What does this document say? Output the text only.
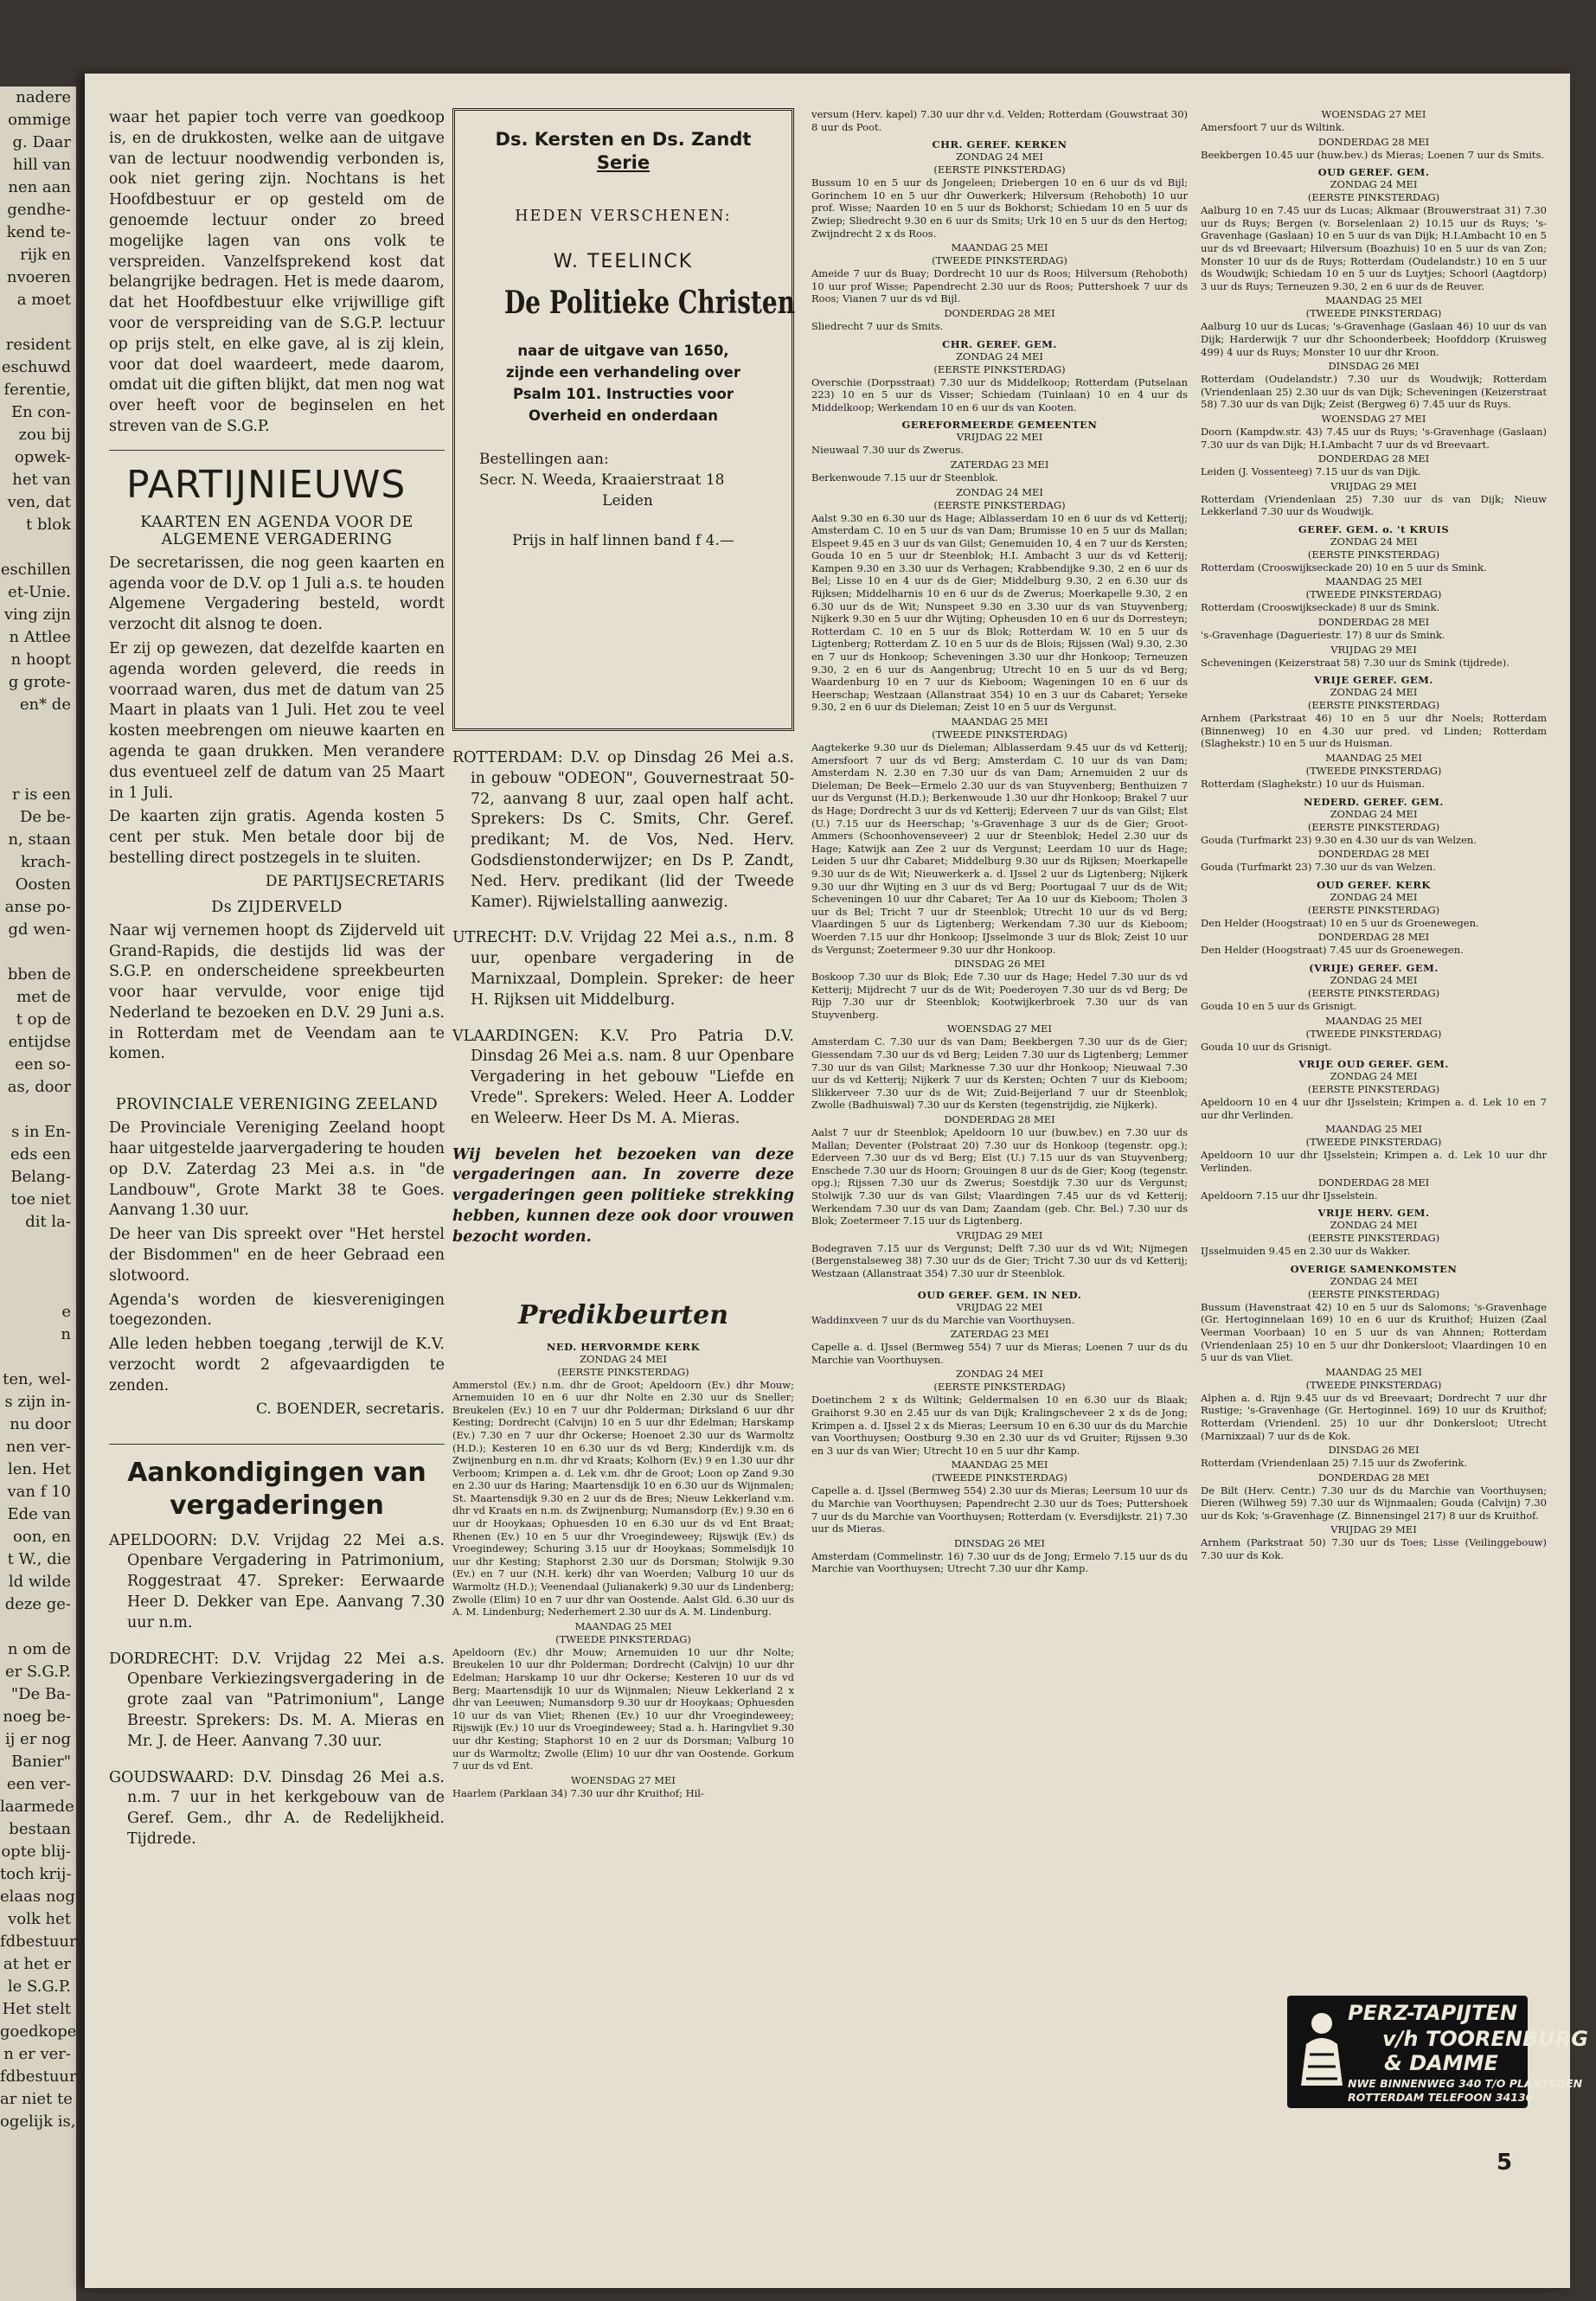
nadere
ommige
g. Daar
hill van
nen aan
gendhe-
kend te-
rijk en
nvoeren
a moet
resident
eschuwd
ferentie,
En con-
zou bij
opwek-
het van
ven, dat
t blok
eschillen
et-Unie.
ving zijn
n Attlee
n hoopt
g grote-
en* de
r is een
De be-
n, staan
krach-
Oosten
anse po-
gd wen-
bben de
met de
t op de
entijdse
een so-
as, door
s in En-
eds een
Belang-
toe niet
dit la-
e
n
ten, wel-
s zijn in-
nu door
nen ver-
len. Het
van f 10
Ede van
oon, en
t W., die
ld wilde
deze ge-
n om de
er S.G.P.
"De Ba-
noeg be-
ij er nog
Banier"
een ver-
laarmede
bestaan
opte blij-
toch krij-
elaas nog
volk het
fdbestuur
at het er
le S.G.P.
Het stelt
goedkope
n er ver-
fdbestuur
ar niet te
ogelijk is,

waar het papier toch verre van goedkoop is, en de drukkosten, welke aan de uitgave van de lectuur noodwendig verbonden is, ook niet gering zijn. Nochtans is het Hoofdbestuur er op gesteld om de genoemde lectuur onder zo breed mogelijke lagen van ons volk te verspreiden. Vanzelfsprekend kost dat belangrijke bedragen. Het is mede daarom, dat het Hoofdbestuur elke vrijwillige gift voor de verspreiding van de S.G.P. lectuur op prijs stelt, en elke gave, al is zij klein, voor dat doel waardeert, mede daarom, omdat uit die giften blijkt, dat men nog wat over heeft voor de beginselen en het streven van de S.G.P.

PARTIJNIEUWS
KAARTEN EN AGENDA VOOR DE ALGEMENE VERGADERING

De secretarissen, die nog geen kaarten en agenda voor de D.V. op 1 Juli a.s. te houden Algemene Vergadering besteld, wordt verzocht dit alsnog te doen.

Er zij op gewezen, dat dezelfde kaarten en agenda worden geleverd, die reeds in voorraad waren, dus met de datum van 25 Maart in plaats van 1 Juli. Het zou te veel kosten meebrengen om nieuwe kaarten en agenda te gaan drukken. Men verandere dus eventueel zelf de datum van 25 Maart in 1 Juli.

De kaarten zijn gratis. Agenda kosten 5 cent per stuk. Men betale door bij de bestelling direct postzegels in te sluiten.

DE PARTIJSECRETARIS
Ds ZIJDERVELD

Naar wij vernemen hoopt ds Zijderveld uit Grand-Rapids, die destijds lid was der S.G.P. en onderscheidene spreekbeurten voor haar vervulde, voor enige tijd Nederland te bezoeken en D.V. 29 Juni a.s. in Rotterdam met de Veendam aan te komen.

PROVINCIALE VERENIGING ZEELAND

De Provinciale Vereniging Zeeland hoopt haar uitgestelde jaarvergadering te houden op D.V. Zaterdag 23 Mei a.s. in "de Landbouw", Grote Markt 38 te Goes. Aanvang 1.30 uur.

De heer van Dis spreekt over "Het herstel der Bisdommen" en de heer Gebraad een slotwoord.

Agenda's worden de kiesverenigingen toegezonden.

Alle leden hebben toegang ,terwijl de K.V. verzocht wordt 2 afgevaardigden te zenden.

C. BOENDER, secretaris.
Aankondigingen van vergaderingen

APELDOORN: D.V. Vrijdag 22 Mei a.s. Openbare Vergadering in Patrimonium, Roggestraat 47. Spreker: Eerwaarde Heer D. Dekker van Epe. Aanvang 7.30 uur n.m.

DORDRECHT: D.V. Vrijdag 22 Mei a.s. Openbare Verkiezingsvergadering in de grote zaal van "Patrimonium", Lange Breestr. Sprekers: Ds. M. A. Mieras en Mr. J. de Heer. Aanvang 7.30 uur.

GOUDSWAARD: D.V. Dinsdag 26 Mei a.s. n.m. 7 uur in het kerkgebouw van de Geref. Gem., dhr A. de Redelijkheid. Tijdrede.

Ds. Kersten en Ds. Zandt
Serie
HEDEN VERSCHENEN:
W. TEELINCK
De Politieke Christen
naar de uitgave van 1650, zijnde een verhandeling over Psalm 101. Instructies voor Overheid en onderdaan
Bestellingen aan:
Secr. N. Weeda, Kraaierstraat 18
Leiden
Prijs in half linnen band f 4.—

ROTTERDAM: D.V. op Dinsdag 26 Mei a.s. in gebouw "ODEON", Gouvernestraat 50-72, aanvang 8 uur, zaal open half acht. Sprekers: Ds C. Smits, Chr. Geref. predikant; M. de Vos, Ned. Herv. Godsdienstonderwijzer; en Ds P. Zandt, Ned. Herv. predikant (lid der Tweede Kamer). Rijwielstalling aanwezig.

UTRECHT: D.V. Vrijdag 22 Mei a.s., n.m. 8 uur, openbare vergadering in de Marnixzaal, Domplein. Spreker: de heer H. Rijksen uit Middelburg.

VLAARDINGEN: K.V. Pro Patria D.V. Dinsdag 26 Mei a.s. nam. 8 uur Openbare Vergadering in het gebouw "Liefde en Vrede". Sprekers: Weled. Heer A. Lodder en Weleerw. Heer Ds M. A. Mieras.

Wij bevelen het bezoeken van deze vergaderingen aan. In zoverre deze vergaderingen geen politieke strekking hebben, kunnen deze ook door vrouwen bezocht worden.

Predikbeurten
NED. HERVORMDE KERK
ZONDAG 24 MEI
(EERSTE PINKSTERDAG)

Ammerstol (Ev.) n.m. dhr de Groot; Apeldoorn (Ev.) dhr Mouw; Arnemuiden 10 en 6 uur dhr Nolte en 2.30 uur ds Sneller; Breukelen (Ev.) 10 en 7 uur dhr Polderman; Dirksland 6 uur dhr Kesting; Dordrecht (Calvijn) 10 en 5 uur dhr Edelman; Harskamp (Ev.) 7.30 en 7 uur dhr Ockerse; Hoenoet 2.30 uur ds Warmoltz (H.D.); Kesteren 10 en 6.30 uur ds vd Berg; Kinderdijk v.m. ds Zwijnenburg en n.m. dhr vd Kraats; Kolhorn (Ev.) 9 en 1.30 uur dhr Verboom; Krimpen a. d. Lek v.m. dhr de Groot; Loon op Zand 9.30 en 2.30 uur ds Haring; Maartensdijk 10 en 6.30 uur ds Wijnmalen; St. Maartensdijk 9.30 en 2 uur ds de Bres; Nieuw Lekkerland v.m. dhr vd Kraats en n.m. ds Zwijnenburg; Numansdorp (Ev.) 9.30 en 6 uur dr Hooykaas; Ophuesden 10 en 6.30 uur ds vd Ent Braat; Rhenen (Ev.) 10 en 5 uur dhr Vroegindeweey; Rijswijk (Ev.) ds Vroegindewey; Schuring 3.15 uur dr Hooykaas; Sommelsdijk 10 uur dhr Kesting; Staphorst 2.30 uur ds Dorsman; Stolwijk 9.30 (Ev.) en 7 uur (N.H. kerk) dhr van Woerden; Valburg 10 uur ds Warmoltz (H.D.); Veenendaal (Julianakerk) 9.30 uur ds Lindenberg; Zwolle (Elim) 10 en 7 uur dhr van Oostende. Aalst Gld. 6.30 uur ds A. M. Lindenburg; Nederhemert 2.30 uur ds A. M. Lindenburg.

MAANDAG 25 MEI
(TWEEDE PINKSTERDAG)

Apeldoorn (Ev.) dhr Mouw; Arnemuiden 10 uur dhr Nolte; Breukelen 10 uur dhr Polderman; Dordrecht (Calvijn) 10 uur dhr Edelman; Harskamp 10 uur dhr Ockerse; Kesteren 10 uur ds vd Berg; Maartensdijk 10 uur ds Wijnmalen; Nieuw Lekkerland 2 x dhr van Leeuwen; Numansdorp 9.30 uur dr Hooykaas; Ophuesden 10 uur ds van Vliet; Rhenen (Ev.) 10 uur dhr Vroegindeweey; Rijswijk (Ev.) 10 uur ds Vroegindeweey; Stad a. h. Haringvliet 9.30 uur dhr Kesting; Staphorst 10 en 2 uur ds Dorsman; Valburg 10 uur ds Warmoltz; Zwolle (Elim) 10 uur dhr van Oostende. Gorkum 7 uur ds vd Ent.

WOENSDAG 27 MEI

Haarlem (Parklaan 34) 7.30 uur dhr Kruithof; Hil-

versum (Herv. kapel) 7.30 uur dhr v.d. Velden; Rotterdam (Gouwstraat 30) 8 uur ds Poot.

CHR. GEREF. KERKEN
ZONDAG 24 MEI
(EERSTE PINKSTERDAG)

Bussum 10 en 5 uur ds Jongeleen; Driebergen 10 en 6 uur ds vd Bijl; Gorinchem 10 en 5 uur dhr Ouwerkerk; Hilversum (Rehoboth) 10 uur prof. Wisse; Naarden 10 en 5 uur ds Bokhorst; Schiedam 10 en 5 uur ds Zwiep; Sliedrecht 9.30 en 6 uur ds Smits; Urk 10 en 5 uur ds den Hertog; Zwijndrecht 2 x ds Roos.

MAANDAG 25 MEI
(TWEEDE PINKSTERDAG)

Ameide 7 uur ds Buay; Dordrecht 10 uur ds Roos; Hilversum (Rehoboth) 10 uur prof Wisse; Papendrecht 2.30 uur ds Roos; Puttershoek 7 uur ds Roos; Vianen 7 uur ds vd Bijl.

DONDERDAG 28 MEI

Sliedrecht 7 uur ds Smits.

CHR. GEREF. GEM.
ZONDAG 24 MEI
(EERSTE PINKSTERDAG)

Overschie (Dorpsstraat) 7.30 uur ds Middelkoop; Rotterdam (Putselaan 223) 10 en 5 uur ds Visser; Schiedam (Tuinlaan) 10 en 4 uur ds Middelkoop; Werkendam 10 en 6 uur ds van Kooten.

GEREFORMEERDE GEMEENTEN
VRIJDAG 22 MEI

Nieuwaal 7.30 uur ds Zwerus.

ZATERDAG 23 MEI

Berkenwoude 7.15 uur dr Steenblok.

ZONDAG 24 MEI
(EERSTE PINKSTERDAG)

Aalst 9.30 en 6.30 uur ds Hage; Alblasserdam 10 en 6 uur ds vd Ketterij; Amsterdam C. 10 en 5 uur ds van Dam; Brumisse 10 en 5 uur ds Mallan; Elspeet 9.45 en 3 uur ds van Gilst; Genemuiden 10, 4 en 7 uur ds Kersten; Gouda 10 en 5 uur dr Steenblok; H.I. Ambacht 3 uur ds vd Ketterij; Kampen 9.30 en 3.30 uur ds Verhagen; Krabbendijke 9.30, 2 en 6 uur ds Bel; Lisse 10 en 4 uur ds de Gier; Middelburg 9.30, 2 en 6.30 uur ds Rijksen; Middelharnis 10 en 6 uur ds de Zwerus; Moerkapelle 9.30, 2 en 6.30 uur ds de Wit; Nunspeet 9.30 en 3.30 uur ds van Stuyvenberg; Nijkerk 9.30 en 5 uur dhr Wijting; Opheusden 10 en 6 uur ds Dorresteyn; Rotterdam C. 10 en 5 uur ds Blok; Rotterdam W. 10 en 5 uur ds Ligtenberg; Rotterdam Z. 10 en 5 uur ds de Blois; Rijssen (Wal) 9.30, 2.30 en 7 uur ds Honkoop; Scheveningen 3.30 uur dhr Honkoop; Terneuzen 9.30, 2 en 6 uur ds Aangenbrug; Utrecht 10 en 5 uur ds vd Berg; Waardenburg 10 en 7 uur ds Kieboom; Wageningen 10 en 6 uur ds Heerschap; Westzaan (Allanstraat 354) 10 en 3 uur ds Cabaret; Yerseke 9.30, 2 en 6 uur ds Dieleman; Zeist 10 en 5 uur ds Vergunst.

MAANDAG 25 MEI
(TWEEDE PINKSTERDAG)

Aagtekerke 9.30 uur ds Dieleman; Alblasserdam 9.45 uur ds vd Ketterij; Amersfoort 7 uur ds vd Berg; Amsterdam C. 10 uur ds van Dam; Amsterdam N. 2.30 en 7.30 uur ds van Dam; Arnemuiden 2 uur ds Dieleman; De Beek—Ermelo 2.30 uur ds van Stuyvenberg; Benthuizen 7 uur ds Vergunst (H.D.); Berkenwoude 1.30 uur dhr Honkoop; Brakel 7 uur ds Hage; Dordrecht 3 uur ds vd Ketterij; Ederveen 7 uur ds van Gilst; Elst (U.) 7.15 uur ds Heerschap; 's-Gravenhage 3 uur ds de Gier; Groot-Ammers (Schoonhovenseveer) 2 uur dr Steenblok; Hedel 2.30 uur ds Hage; Katwijk aan Zee 2 uur ds Vergunst; Leerdam 10 uur ds Hage; Leiden 5 uur dhr Cabaret; Middelburg 9.30 uur ds Rijksen; Moerkapelle 9.30 uur ds de Wit; Nieuwerkerk a. d. IJssel 2 uur ds Ligtenberg; Nijkerk 9.30 uur dhr Wijting en 3 uur ds vd Berg; Poortugaal 7 uur ds de Wit; Scheveningen 10 uur dhr Cabaret; Ter Aa 10 uur ds Kieboom; Tholen 3 uur ds Bel; Tricht 7 uur dr Steenblok; Utrecht 10 uur ds vd Berg; Vlaardingen 5 uur ds Ligtenberg; Werkendam 7.30 uur ds Kieboom; Woerden 7.15 uur dhr Honkoop; IJsselmonde 3 uur ds Blok; Zeist 10 uur ds Vergunst; Zoetermeer 9.30 uur dhr Honkoop.

DINSDAG 26 MEI

Boskoop 7.30 uur ds Blok; Ede 7.30 uur ds Hage; Hedel 7.30 uur ds vd Ketterij; Mijdrecht 7 uur ds de Wit; Poederoyen 7.30 uur ds vd Berg; De Rijp 7.30 uur dr Steenblok; Kootwijkerbroek 7.30 uur ds van Stuyvenberg.

WOENSDAG 27 MEI

Amsterdam C. 7.30 uur ds van Dam; Beekbergen 7.30 uur ds de Gier; Giessendam 7.30 uur ds vd Berg; Leiden 7.30 uur ds Ligtenberg; Lemmer 7.30 uur ds van Gilst; Marknesse 7.30 uur dhr Honkoop; Nieuwaal 7.30 uur ds vd Ketterij; Nijkerk 7 uur ds Kersten; Ochten 7 uur ds Kieboom; Slikkerveer 7.30 uur ds de Wit; Zuid-Beijerland 7 uur dr Steenblok; Zwolle (Badhuiswal) 7.30 uur ds Kersten (tegenstrijdig, zie Nijkerk).

DONDERDAG 28 MEI

Aalst 7 uur dr Steenblok; Apeldoorn 10 uur (buw.bev.) en 7.30 uur ds Mallan; Deventer (Polstraat 20) 7.30 uur ds Honkoop (tegenstr. opg.); Ederveen 7.30 uur ds vd Berg; Elst (U.) 7.15 uur ds van Stuyvenberg; Enschede 7.30 uur ds Hoorn; Grouingen 8 uur ds de Gier; Koog (tegenstr. opg.); Rijssen 7.30 uur ds Zwerus; Soestdijk 7.30 uur ds Vergunst; Stolwijk 7.30 uur ds van Gilst; Vlaardingen 7.45 uur ds vd Ketterij; Werkendam 7.30 uur ds van Dam; Zaandam (geb. Chr. Bel.) 7.30 uur ds Blok; Zoetermeer 7.15 uur ds Ligtenberg.

VRIJDAG 29 MEI

Bodegraven 7.15 uur ds Vergunst; Delft 7.30 uur ds vd Wit; Nijmegen (Bergenstalseweg 38) 7.30 uur ds de Gier; Tricht 7.30 uur ds vd Ketterij; Westzaan (Allanstraat 354) 7.30 uur dr Steenblok.

OUD GEREF. GEM. IN NED.
VRIJDAG 22 MEI

Waddinxveen 7 uur ds du Marchie van Voorthuysen.

ZATERDAG 23 MEI

Capelle a. d. IJssel (Bermweg 554) 7 uur ds Mieras; Loenen 7 uur ds du Marchie van Voorthuysen.

ZONDAG 24 MEI
(EERSTE PINKSTERDAG)

Doetinchem 2 x ds Wiltink; Geldermalsen 10 en 6.30 uur ds Blaak; Graihorst 9.30 en 2.45 uur ds van Dijk; Kralingscheveer 2 x ds de Jong; Krimpen a. d. IJssel 2 x ds Mieras; Leersum 10 en 6.30 uur ds du Marchie van Voorthuysen; Oostburg 9.30 en 2.30 uur ds vd Gruiter; Rijssen 9.30 en 3 uur ds van Wier; Utrecht 10 en 5 uur dhr Kamp.

MAANDAG 25 MEI
(TWEEDE PINKSTERDAG)

Capelle a. d. IJssel (Bermweg 554) 2.30 uur ds Mieras; Leersum 10 uur ds du Marchie van Voorthuysen; Papendrecht 2.30 uur ds Toes; Puttershoek 7 uur ds du Marchie van Voorthuysen; Rotterdam (v. Eversdijkstr. 21) 7.30 uur ds Mieras.

DINSDAG 26 MEI

Amsterdam (Commelinstr. 16) 7.30 uur ds de Jong; Ermelo 7.15 uur ds du Marchie van Voorthuysen; Utrecht 7.30 uur dhr Kamp.

WOENSDAG 27 MEI

Amersfoort 7 uur ds Wiltink.

DONDERDAG 28 MEI

Beekbergen 10.45 uur (huw.bev.) ds Mieras; Loenen 7 uur ds Smits.

OUD GEREF. GEM.
ZONDAG 24 MEI
(EERSTE PINKSTERDAG)

Aalburg 10 en 7.45 uur ds Lucas; Alkmaar (Brouwerstraat 31) 7.30 uur ds Ruys; Bergen (v. Borselenlaan 2) 10.15 uur ds Ruys; 's-Gravenhage (Gaslaan) 10 en 5 uur ds van Dijk; H.I.Ambacht 10 en 5 uur ds vd Breevaart; Hilversum (Boazhuis) 10 en 5 uur ds van Zon; Monster 10 uur ds de Ruys; Rotterdam (Oudelandstr.) 10 en 5 uur ds Woudwijk; Schiedam 10 en 5 uur ds Luytjes; Schoorl (Aagtdorp) 3 uur ds Ruys; Terneuzen 9.30, 2 en 6 uur ds de Reuver.

MAANDAG 25 MEI
(TWEEDE PINKSTERDAG)

Aalburg 10 uur ds Lucas; 's-Gravenhage (Gaslaan 46) 10 uur ds van Dijk; Harderwijk 7 uur dhr Schoonderbeek; Hoofddorp (Kruisweg 499) 4 uur ds Ruys; Monster 10 uur dhr Kroon.

DINSDAG 26 MEI

Rotterdam (Oudelandstr.) 7.30 uur ds Woudwijk; Rotterdam (Vriendenlaan 25) 2.30 uur ds van Dijk; Scheveningen (Keizerstraat 58) 7.30 uur ds van Dijk; Zeist (Bergweg 6) 7.45 uur ds Ruys.

WOENSDAG 27 MEI

Doorn (Kampdw.str. 43) 7.45 uur ds Ruys; 's-Gravenhage (Gaslaan) 7.30 uur ds van Dijk; H.I.Ambacht 7 uur ds vd Breevaart.

DONDERDAG 28 MEI

Leiden (J. Vossenteeg) 7.15 uur ds van Dijk.

VRIJDAG 29 MEI

Rotterdam (Vriendenlaan 25) 7.30 uur ds van Dijk; Nieuw Lekkerland 7.30 uur ds Woudwijk.

GEREF. GEM. o. 't KRUIS
ZONDAG 24 MEI
(EERSTE PINKSTERDAG)

Rotterdam (Crooswijkseckade 20) 10 en 5 uur ds Smink.

MAANDAG 25 MEI
(TWEEDE PINKSTERDAG)

Rotterdam (Crooswijkseckade) 8 uur ds Smink.

DONDERDAG 28 MEI

's-Gravenhage (Dagueriestr. 17) 8 uur ds Smink.

VRIJDAG 29 MEI

Scheveningen (Keizerstraat 58) 7.30 uur ds Smink (tijdrede).

VRIJE GEREF. GEM.
ZONDAG 24 MEI
(EERSTE PINKSTERDAG)

Arnhem (Parkstraat 46) 10 en 5 uur dhr Noels; Rotterdam (Binnenweg) 10 en 4.30 uur pred. vd Linden; Rotterdam (Slaghekstr.) 10 en 5 uur ds Huisman.

MAANDAG 25 MEI
(TWEEDE PINKSTERDAG)

Rotterdam (Slaghekstr.) 10 uur ds Huisman.

NEDERD. GEREF. GEM.
ZONDAG 24 MEI
(EERSTE PINKSTERDAG)

Gouda (Turfmarkt 23) 9.30 en 4.30 uur ds van Welzen.

DONDERDAG 28 MEI

Gouda (Turfmarkt 23) 7.30 uur ds van Welzen.

OUD GEREF. KERK
ZONDAG 24 MEI
(EERSTE PINKSTERDAG)

Den Helder (Hoogstraat) 10 en 5 uur ds Groenewegen.

DONDERDAG 28 MEI

Den Helder (Hoogstraat) 7.45 uur ds Groenewegen.

(VRIJE) GEREF. GEM.
ZONDAG 24 MEI
(EERSTE PINKSTERDAG)

Gouda 10 en 5 uur ds Grisnigt.

MAANDAG 25 MEI
(TWEEDE PINKSTERDAG)

Gouda 10 uur ds Grisnigt.

VRIJE OUD GEREF. GEM.
ZONDAG 24 MEI
(EERSTE PINKSTERDAG)

Apeldoorn 10 en 4 uur dhr IJsselstein; Krimpen a. d. Lek 10 en 7 uur dhr Verlinden.

MAANDAG 25 MEI
(TWEEDE PINKSTERDAG)

Apeldoorn 10 uur dhr IJsselstein; Krimpen a. d. Lek 10 uur dhr Verlinden.

DONDERDAG 28 MEI

Apeldoorn 7.15 uur dhr IJsselstein.

VRIJE HERV. GEM.
ZONDAG 24 MEI
(EERSTE PINKSTERDAG)

IJsselmuiden 9.45 en 2.30 uur ds Wakker.

OVERIGE SAMENKOMSTEN
ZONDAG 24 MEI
(EERSTE PINKSTERDAG)

Bussum (Havenstraat 42) 10 en 5 uur ds Salomons; 's-Gravenhage (Gr. Hertoginnelaan 169) 10 en 6 uur ds Kruithof; Huizen (Zaal Veerman Voorbaan) 10 en 5 uur ds van Ahnnen; Rotterdam (Vriendenlaan 25) 10 en 5 uur dhr Donkersloot; Vlaardingen 10 en 5 uur ds van Vliet.

MAANDAG 25 MEI
(TWEEDE PINKSTERDAG)

Alphen a. d. Rijn 9.45 uur ds vd Breevaart; Dordrecht 7 uur dhr Rustige; 's-Gravenhage (Gr. Hertoginnel. 169) 10 uur ds Kruithof; Rotterdam (Vriendenl. 25) 10 uur dhr Donkersloot; Utrecht (Marnixzaal) 7 uur ds de Kok.

DINSDAG 26 MEI

Rotterdam (Vriendenlaan 25) 7.15 uur ds Zwoferink.

DONDERDAG 28 MEI

De Bilt (Herv. Centr.) 7.30 uur ds du Marchie van Voorthuysen; Dieren (Wilhweg 59) 7.30 uur ds Wijnmaalen; Gouda (Calvijn) 7.30 uur ds Kok; 's-Gravenhage (Z. Binnensingel 217) 8 uur ds Kruithof.

VRIJDAG 29 MEI

Arnhem (Parkstraat 50) 7.30 uur ds Toes; Lisse (Veilinggebouw) 7.30 uur ds Kok.

PERZ-TAPIJTEN
v/h TOORENBURG
& DAMME
NWE BINNENWEG 340 T/O PLANTSOEN
ROTTERDAM TELEFOON 34136
5
